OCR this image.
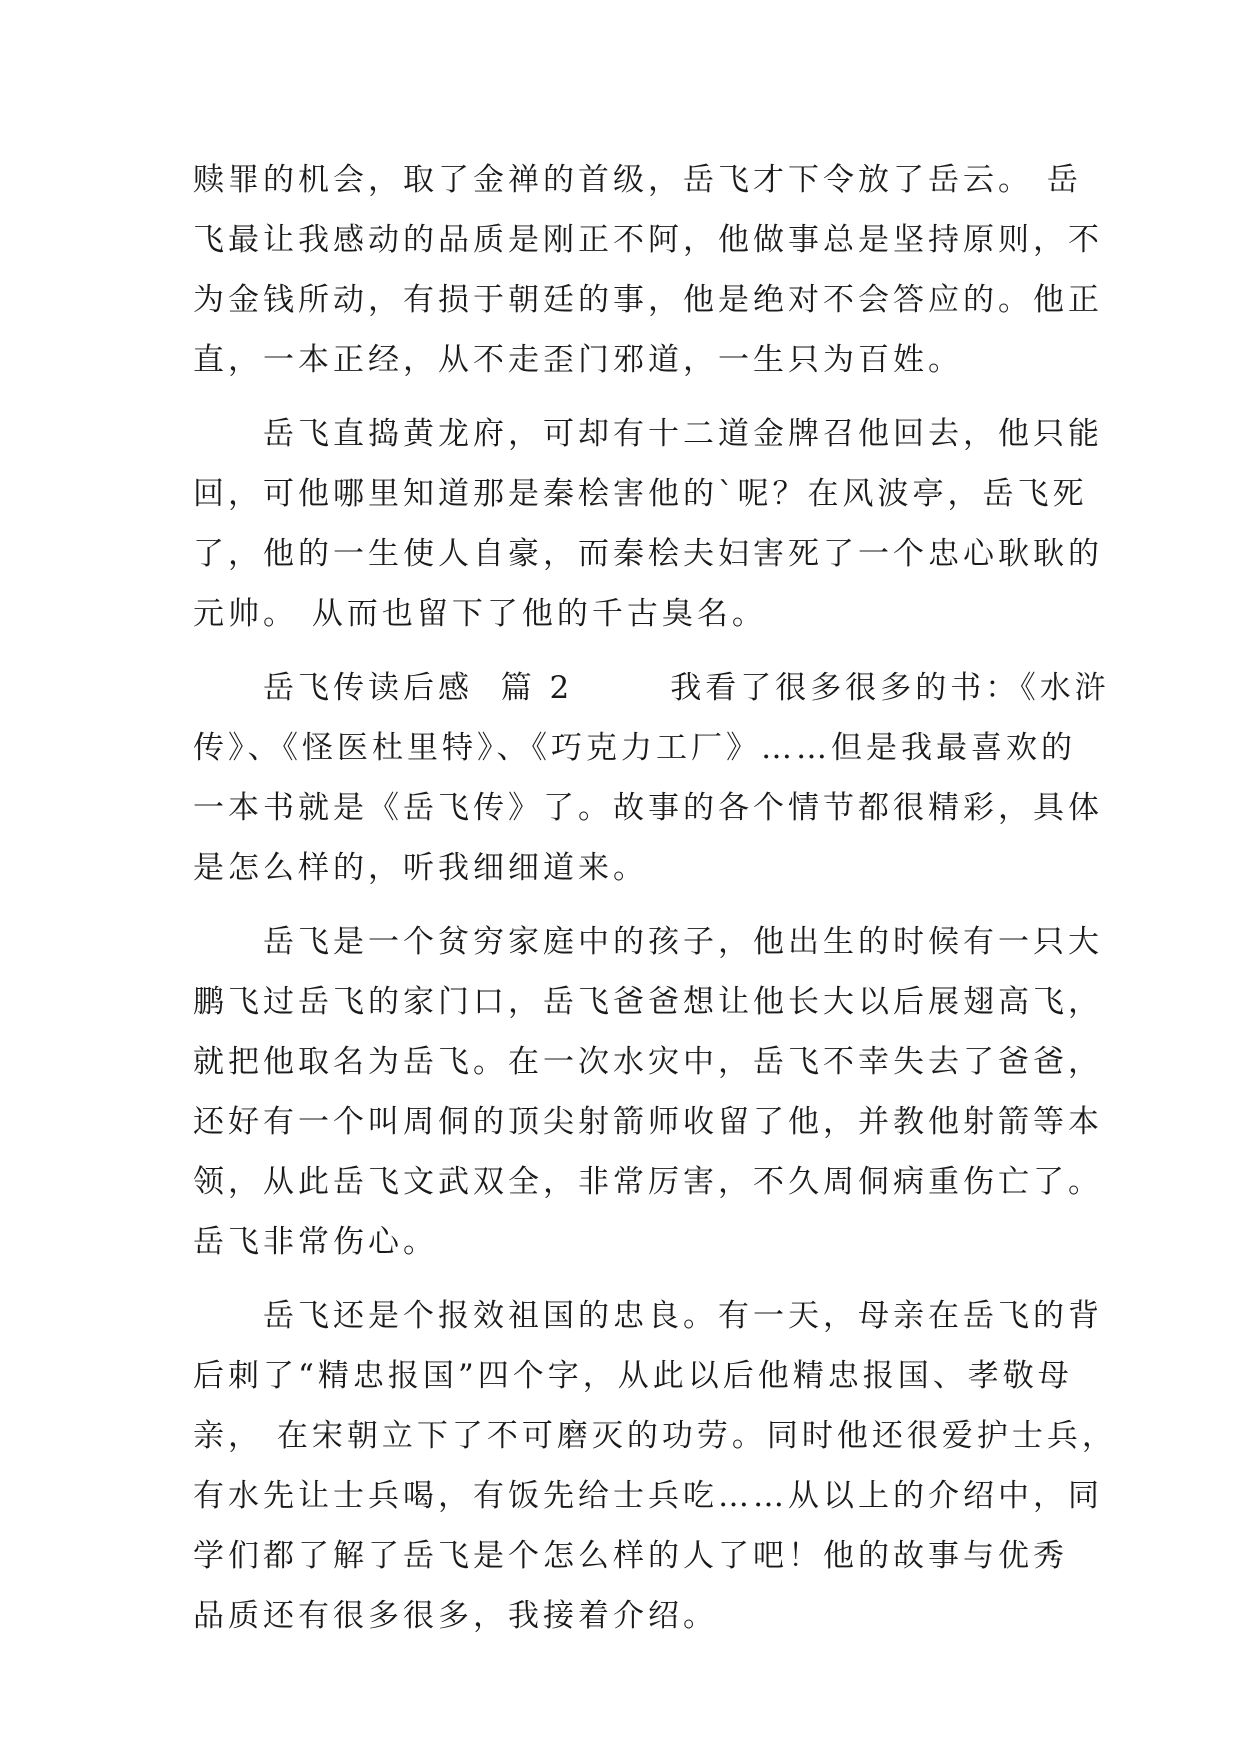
赎罪的机会，取了金禅的首级，岳飞才下令放了岳云。 岳
飞最让我感动的品质是刚正不阿，他做事总是坚持原则，不
为金钱所动，有损于朝廷的事，他是绝对不会答应的。他正
直，一本正经，从不走歪门邪道，一生只为百姓。
岳飞直捣黄龙府，可却有十二道金牌召他回去，他只能
回，可他哪里知道那是秦桧害他的`呢？在风波亭，岳飞死
了，他的一生使人自豪，而秦桧夫妇害死了一个忠心耿耿的
元帅。 从而也留下了他的千古臭名。
岳飞传读后感  篇 2       我看了很多很多的书：《水浒
传》、《怪医杜里特》、《巧克力工厂》……但是我最喜欢的
一本书就是《岳飞传》了。故事的各个情节都很精彩，具体
是怎么样的，听我细细道来。
岳飞是一个贫穷家庭中的孩子，他出生的时候有一只大
鹏飞过岳飞的家门口，岳飞爸爸想让他长大以后展翅高飞，
就把他取名为岳飞。在一次水灾中，岳飞不幸失去了爸爸，
还好有一个叫周侗的顶尖射箭师收留了他，并教他射箭等本
领，从此岳飞文武双全，非常厉害，不久周侗病重伤亡了。
岳飞非常伤心。
岳飞还是个报效祖国的忠良。有一天，母亲在岳飞的背
后刺了“精忠报国”四个字，从此以后他精忠报国、孝敬母
亲， 在宋朝立下了不可磨灭的功劳。同时他还很爱护士兵，
有水先让士兵喝，有饭先给士兵吃……从以上的介绍中，同
学们都了解了岳飞是个怎么样的人了吧！他的故事与优秀
品质还有很多很多，我接着介绍。
